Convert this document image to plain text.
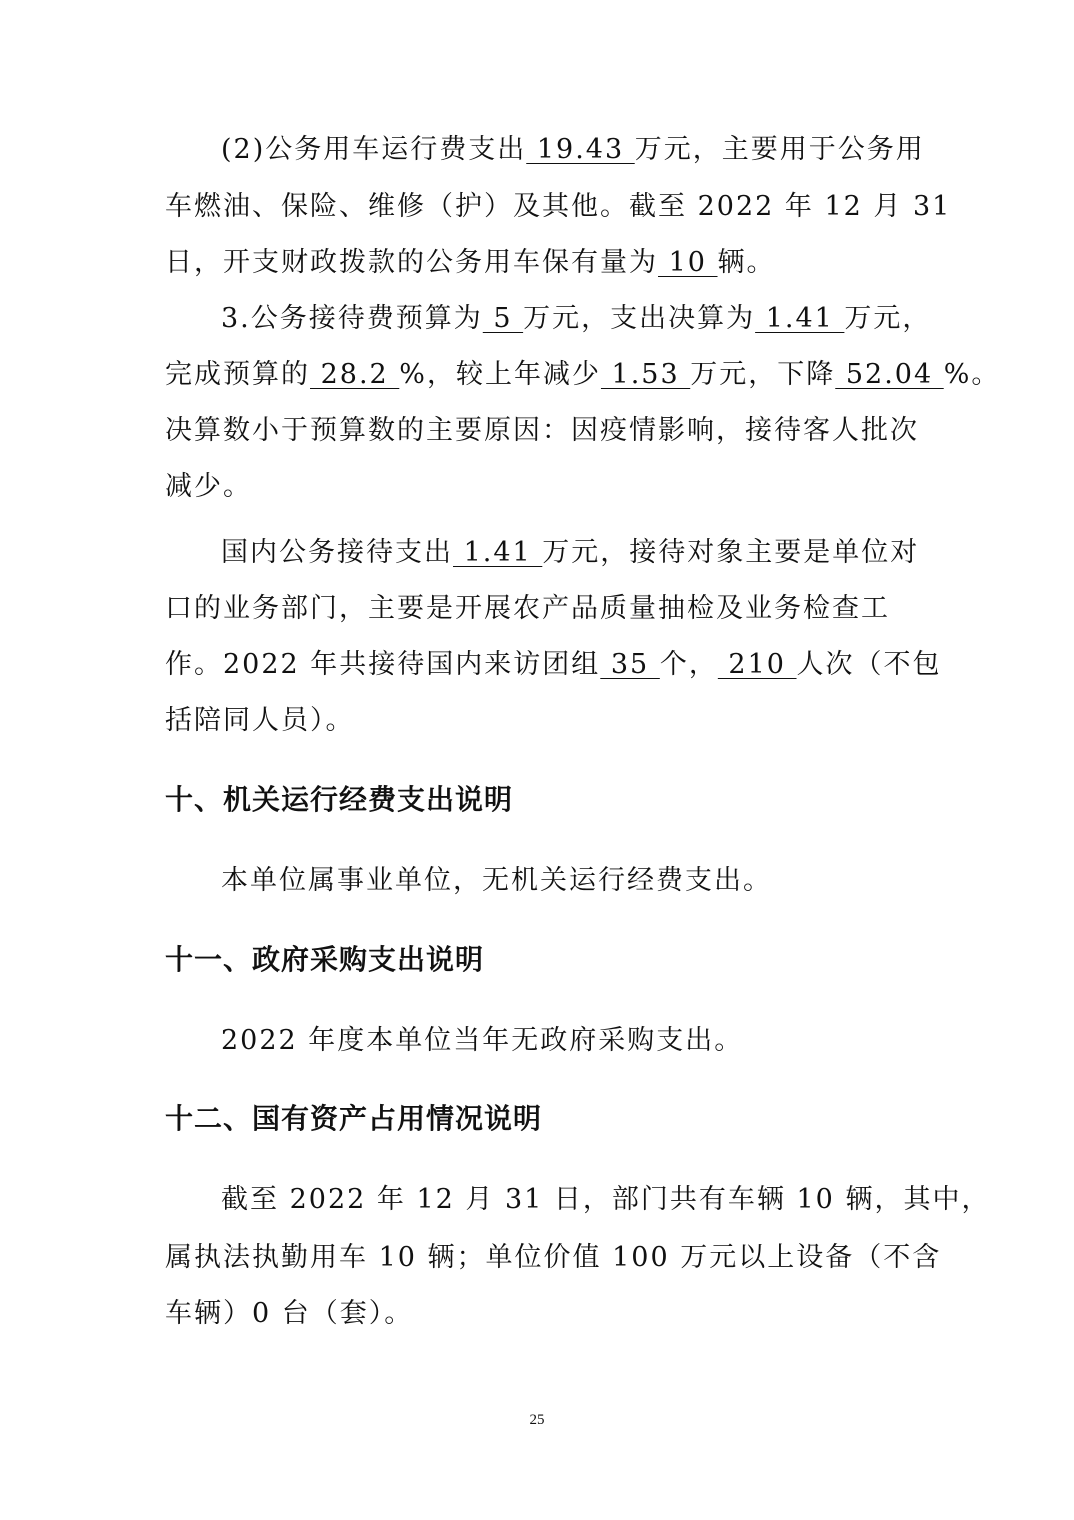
(2)公务用车运行费支出 19.43 万元，主要用于公务用
车燃油、保险、维修（护）及其他。截至 2022 年 12 月 31
日，开支财政拨款的公务用车保有量为 10 辆。
3.公务接待费预算为 5 万元，支出决算为 1.41 万元，
完成预算的 28.2 %，较上年减少 1.53 万元，下降 52.04 %。
决算数小于预算数的主要原因：因疫情影响，接待客人批次
减少。
国内公务接待支出 1.41 万元，接待对象主要是单位对
口的业务部门，主要是开展农产品质量抽检及业务检查工
作。2022 年共接待国内来访团组 35 个， 210 人次（不包
括陪同人员）。
十、机关运行经费支出说明
本单位属事业单位，无机关运行经费支出。
十一、政府采购支出说明
2022 年度本单位当年无政府采购支出。
十二、国有资产占用情况说明
截至 2022 年 12 月 31 日，部门共有车辆 10 辆，其中，
属执法执勤用车 10 辆；单位价值 100 万元以上设备（不含
车辆）0 台（套）。
25
